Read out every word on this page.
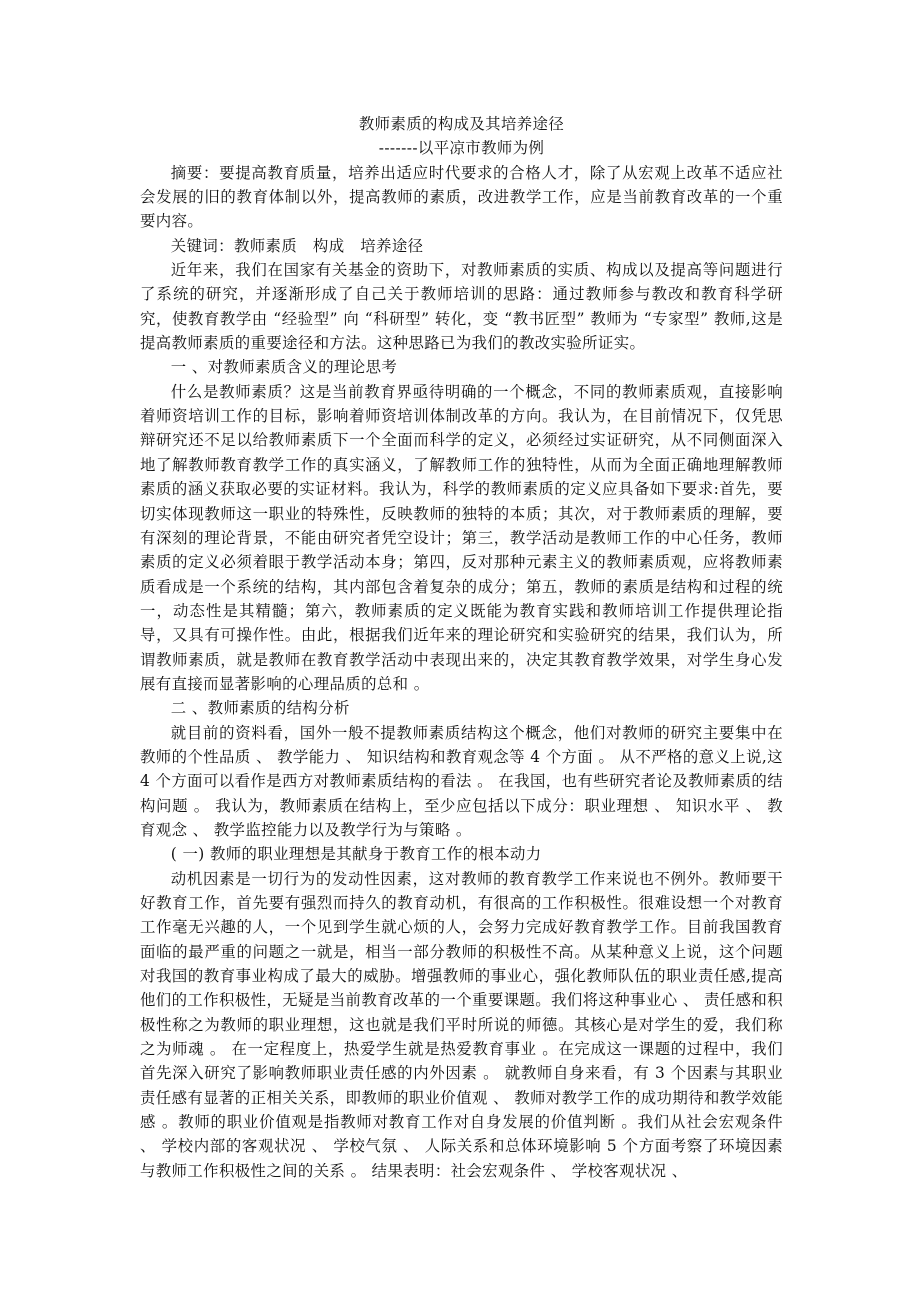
教师素质的构成及其培养途径
-------以平凉市教师为例

摘要：要提高教育质量，培养出适应时代要求的合格人才，除了从宏观上改革不适应社会发展的旧的教育体制以外，提高教师的素质，改进教学工作，应是当前教育改革的一个重要内容。

关键词：教师素质　构成　培养途径

近年来，我们在国家有关基金的资助下，对教师素质的实质、构成以及提高等问题进行了系统的研究，并逐渐形成了自己关于教师培训的思路：通过教师参与教改和教育科学研究，使教育教学由 “经验型” 向 “科研型” 转化，变 “教书匠型” 教师为 “专家型” 教师,这是提高教师素质的重要途径和方法。这种思路已为我们的教改实验所证实。

一 、对教师素质含义的理论思考

什么是教师素质？这是当前教育界亟待明确的一个概念，不同的教师素质观，直接影响着师资培训工作的目标，影响着师资培训体制改革的方向。我认为，在目前情况下，仅凭思辩研究还不足以给教师素质下一个全面而科学的定义，必须经过实证研究，从不同侧面深入地了解教师教育教学工作的真实涵义，了解教师工作的独特性，从而为全面正确地理解教师素质的涵义获取必要的实证材料。我认为，科学的教师素质的定义应具备如下要求:首先，要切实体现教师这一职业的特殊性，反映教师的独特的本质；其次，对于教师素质的理解，要有深刻的理论背景，不能由研究者凭空设计；第三，教学活动是教师工作的中心任务，教师素质的定义必须着眼于教学活动本身；第四，反对那种元素主义的教师素质观，应将教师素质看成是一个系统的结构，其内部包含着复杂的成分；第五，教师的素质是结构和过程的统一，动态性是其精髓；第六，教师素质的定义既能为教育实践和教师培训工作提供理论指导，又具有可操作性。由此，根据我们近年来的理论研究和实验研究的结果，我们认为，所谓教师素质，就是教师在教育教学活动中表现出来的，决定其教育教学效果，对学生身心发展有直接而显著影响的心理品质的总和 。

二 、教师素质的结构分析

就目前的资料看，国外一般不提教师素质结构这个概念，他们对教师的研究主要集中在教师的个性品质 、 教学能力 、 知识结构和教育观念等 4 个方面 。 从不严格的意义上说,这 4 个方面可以看作是西方对教师素质结构的看法 。 在我国，也有些研究者论及教师素质的结构问题 。 我认为，教师素质在结构上，至少应包括以下成分：职业理想 、 知识水平 、 教育观念 、 教学监控能力以及教学行为与策略 。

( 一) 教师的职业理想是其献身于教育工作的根本动力

动机因素是一切行为的发动性因素，这对教师的教育教学工作来说也不例外。教师要干好教育工作，首先要有强烈而持久的教育动机，有很高的工作积极性。很难设想一个对教育工作毫无兴趣的人，一个见到学生就心烦的人，会努力完成好教育教学工作。目前我国教育面临的最严重的问题之一就是，相当一部分教师的积极性不高。从某种意义上说，这个问题对我国的教育事业构成了最大的威胁。增强教师的事业心，强化教师队伍的职业责任感,提高他们的工作积极性，无疑是当前教育改革的一个重要课题。我们将这种事业心 、 责任感和积极性称之为教师的职业理想，这也就是我们平时所说的师德。其核心是对学生的爱，我们称之为师魂 。 在一定程度上，热爱学生就是热爱教育事业 。在完成这一课题的过程中，我们首先深入研究了影响教师职业责任感的内外因素 。 就教师自身来看，有 3 个因素与其职业责任感有显著的正相关关系，即教师的职业价值观 、 教师对教学工作的成功期待和教学效能感 。教师的职业价值观是指教师对教育工作对自身发展的价值判断 。我们从社会宏观条件 、 学校内部的客观状况 、 学校气氛 、 人际关系和总体环境影响 5 个方面考察了环境因素与教师工作积极性之间的关系 。 结果表明：社会宏观条件 、 学校客观状况 、
